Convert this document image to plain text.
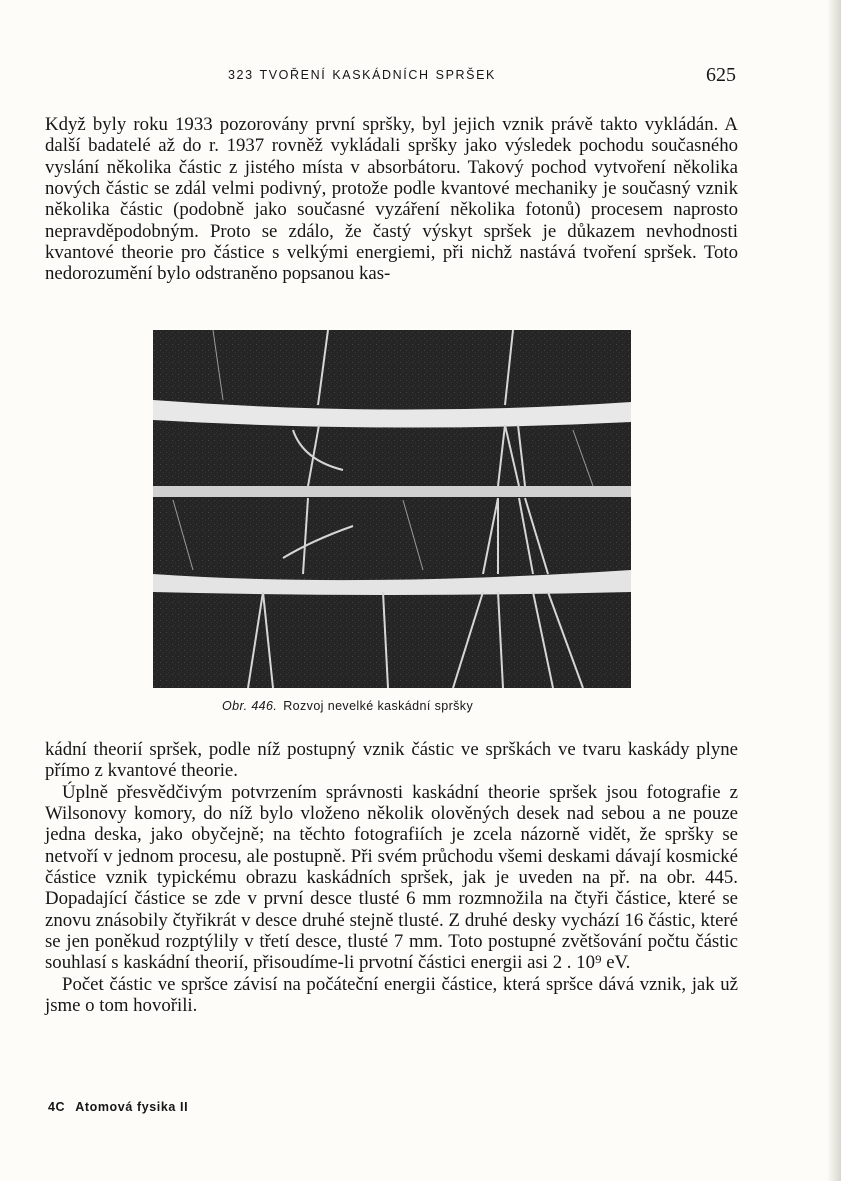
323 TVOŘENÍ KASKÁDNÍCH SPRŠEK	625

Když byly roku 1933 pozorovány první spršky, byl jejich vznik právě takto vykládán. A další badatelé až do r. 1937 rovněž vykládali spršky jako výsledek pochodu současného vyslání několika částic z jistého místa v absorbátoru. Takový pochod vytvoření několika nových částic se zdál velmi podivný, protože podle kvantové mechaniky je současný vznik několika částic (podobně jako současné vyzáření několika fotonů) procesem naprosto nepravděpodobným. Proto se zdálo, že častý výskyt spršek je důkazem nevhodnosti kvantové theorie pro částice s velkými energiemi, při nichž nastává tvoření spršek. Toto nedorozumění bylo odstraněno popsanou kas-

Obr. 446. Rozvoj nevelké kaskádní spršky

kádní theorií spršek, podle níž postupný vznik částic ve sprškách ve tvaru kaskády plyne přímo z kvantové theorie.

Úplně přesvědčivým potvrzením správnosti kaskádní theorie spršek jsou fotografie z Wilsonovy komory, do níž bylo vloženo několik olověných desek nad sebou a ne pouze jedna deska, jako obyčejně; na těchto fotografiích je zcela názorně vidět, že spršky se netvoří v jednom procesu, ale postupně. Při svém průchodu všemi deskami dávají kosmické částice vznik typickému obrazu kaskádních spršek, jak je uveden na př. na obr. 445. Dopadající částice se zde v první desce tlusté 6 mm rozmnožila na čtyři částice, které se znovu znásobily čtyřikrát v desce druhé stejně tlusté. Z druhé desky vychází 16 částic, které se jen poněkud rozptýlily v třetí desce, tlusté 7 mm. Toto postupné zvětšování počtu částic souhlasí s kaskádní theorií, přisoudíme-li prvotní částici energii asi 2 . 10⁹ eV.

Počet částic ve spršce závisí na počáteční energii částice, která spršce dává vznik, jak už jsme o tom hovořili.

4C Atomová fysika II
